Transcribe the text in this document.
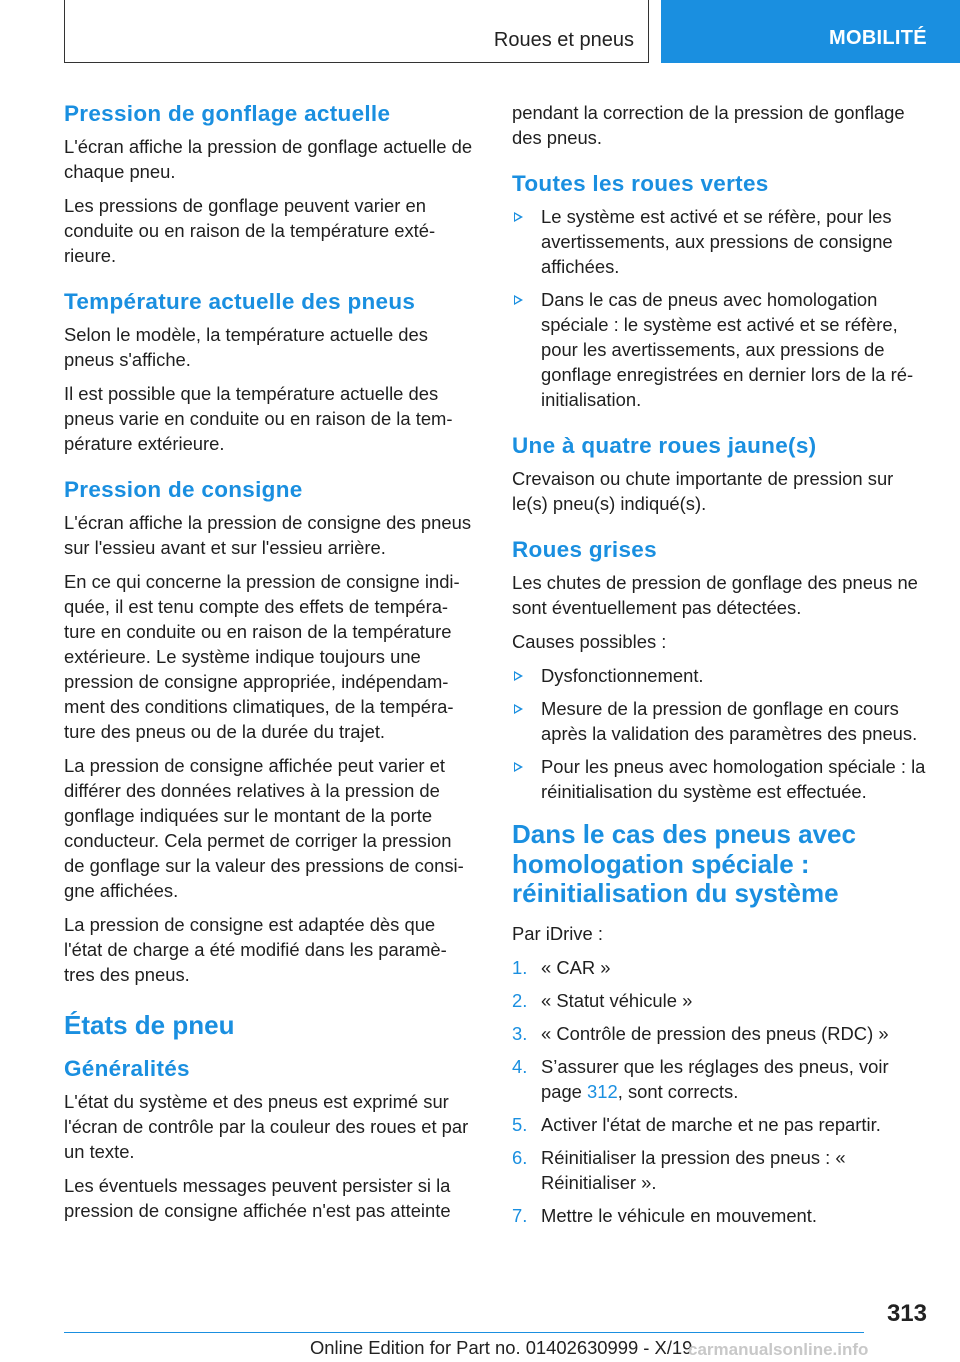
Roues et pneus	MOBILITÉ
Pression de gonflage actuelle

L'écran affiche la pression de gonflage actuelle de chaque pneu.

Les pressions de gonflage peuvent varier en conduite ou en raison de la température exté-rieure.

Température actuelle des pneus

Selon le modèle, la température actuelle des pneus s'affiche.

Il est possible que la température actuelle des pneus varie en conduite ou en raison de la tem-pérature extérieure.

Pression de consigne

L'écran affiche la pression de consigne des pneus sur l'essieu avant et sur l'essieu arrière.

En ce qui concerne la pression de consigne indi-quée, il est tenu compte des effets de tempéra-ture en conduite ou en raison de la température extérieure. Le système indique toujours une pression de consigne appropriée, indépendam-ment des conditions climatiques, de la tempéra-ture des pneus ou de la durée du trajet.

La pression de consigne affichée peut varier et différer des données relatives à la pression de gonflage indiquées sur le montant de la porte conducteur. Cela permet de corriger la pression de gonflage sur la valeur des pressions de consi-gne affichées.

La pression de consigne est adaptée dès que l'état de charge a été modifié dans les paramè-tres des pneus.

États de pneu
Généralités

L'état du système et des pneus est exprimé sur l'écran de contrôle par la couleur des roues et par un texte.

Les éventuels messages peuvent persister si la pression de consigne affichée n'est pas atteinte

pendant la correction de la pression de gonflage des pneus.

Toutes les roues vertes
Le système est activé et se réfère, pour les avertissements, aux pressions de consigne affichées.
Dans le cas de pneus avec homologation spéciale : le système est activé et se réfère, pour les avertissements, aux pressions de gonflage enregistrées en dernier lors de la ré-initialisation.
Une à quatre roues jaune(s)

Crevaison ou chute importante de pression sur le(s) pneu(s) indiqué(s).

Roues grises

Les chutes de pression de gonflage des pneus ne sont éventuellement pas détectées.

Causes possibles :

Dysfonctionnement.
Mesure de la pression de gonflage en cours après la validation des paramètres des pneus.
Pour les pneus avec homologation spéciale : la réinitialisation du système est effectuée.
Dans le cas des pneus avec homologation spéciale : réinitialisation du système

Par iDrive :

1. « CAR »
2. « Statut véhicule »
3. « Contrôle de pression des pneus (RDC) »
4. S’assurer que les réglages des pneus, voir page 312, sont corrects.
5. Activer l'état de marche et ne pas repartir.
6. Réinitialiser la pression des pneus : « Réinitialiser ».
7. Mettre le véhicule en mouvement.
313
Online Edition for Part no. 01402630999 - X/19
carmanualsonline.info
